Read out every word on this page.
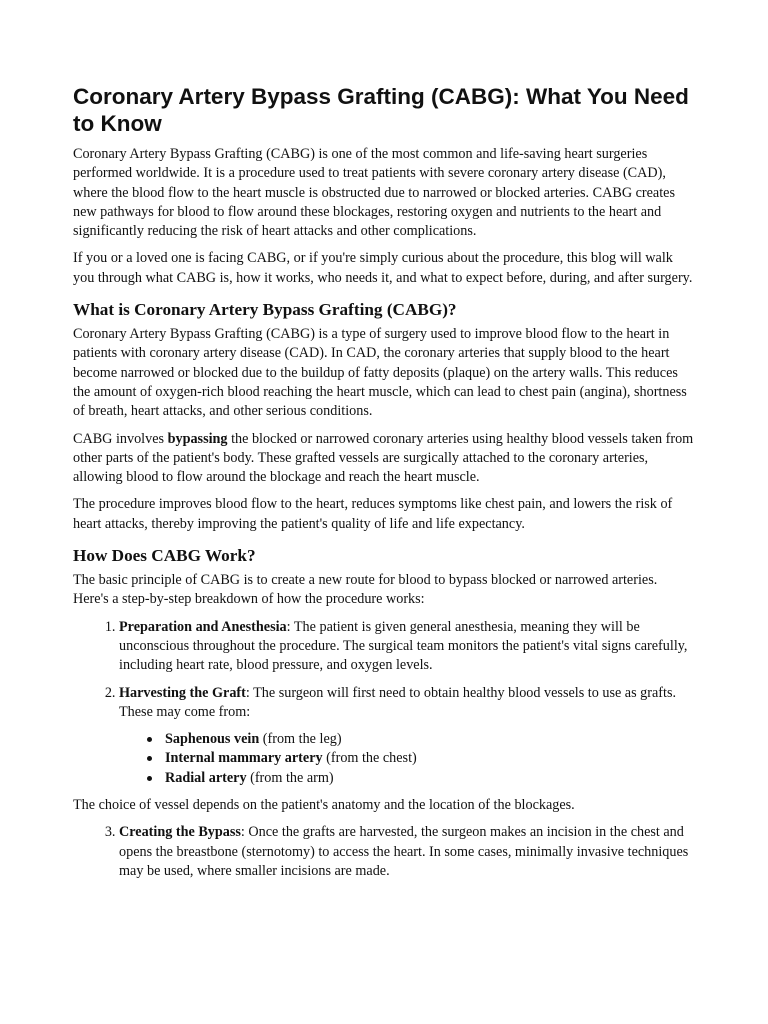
Coronary Artery Bypass Grafting (CABG): What You Need to Know

Coronary Artery Bypass Grafting (CABG) is one of the most common and life-saving heart surgeries performed worldwide. It is a procedure used to treat patients with severe coronary artery disease (CAD), where the blood flow to the heart muscle is obstructed due to narrowed or blocked arteries. CABG creates new pathways for blood to flow around these blockages, restoring oxygen and nutrients to the heart and significantly reducing the risk of heart attacks and other complications.

If you or a loved one is facing CABG, or if you're simply curious about the procedure, this blog will walk you through what CABG is, how it works, who needs it, and what to expect before, during, and after surgery.

What is Coronary Artery Bypass Grafting (CABG)?

Coronary Artery Bypass Grafting (CABG) is a type of surgery used to improve blood flow to the heart in patients with coronary artery disease (CAD). In CAD, the coronary arteries that supply blood to the heart become narrowed or blocked due to the buildup of fatty deposits (plaque) on the artery walls. This reduces the amount of oxygen-rich blood reaching the heart muscle, which can lead to chest pain (angina), shortness of breath, heart attacks, and other serious conditions.

CABG involves bypassing the blocked or narrowed coronary arteries using healthy blood vessels taken from other parts of the patient's body. These grafted vessels are surgically attached to the coronary arteries, allowing blood to flow around the blockage and reach the heart muscle.

The procedure improves blood flow to the heart, reduces symptoms like chest pain, and lowers the risk of heart attacks, thereby improving the patient's quality of life and life expectancy.

How Does CABG Work?

The basic principle of CABG is to create a new route for blood to bypass blocked or narrowed arteries. Here's a step-by-step breakdown of how the procedure works:

1. Preparation and Anesthesia: The patient is given general anesthesia, meaning they will be unconscious throughout the procedure. The surgical team monitors the patient's vital signs carefully, including heart rate, blood pressure, and oxygen levels.
2. Harvesting the Graft: The surgeon will first need to obtain healthy blood vessels to use as grafts. These may come from:
Saphenous vein (from the leg)
Internal mammary artery (from the chest)
Radial artery (from the arm)

The choice of vessel depends on the patient's anatomy and the location of the blockages.

3. Creating the Bypass: Once the grafts are harvested, the surgeon makes an incision in the chest and opens the breastbone (sternotomy) to access the heart. In some cases, minimally invasive techniques may be used, where smaller incisions are made.
